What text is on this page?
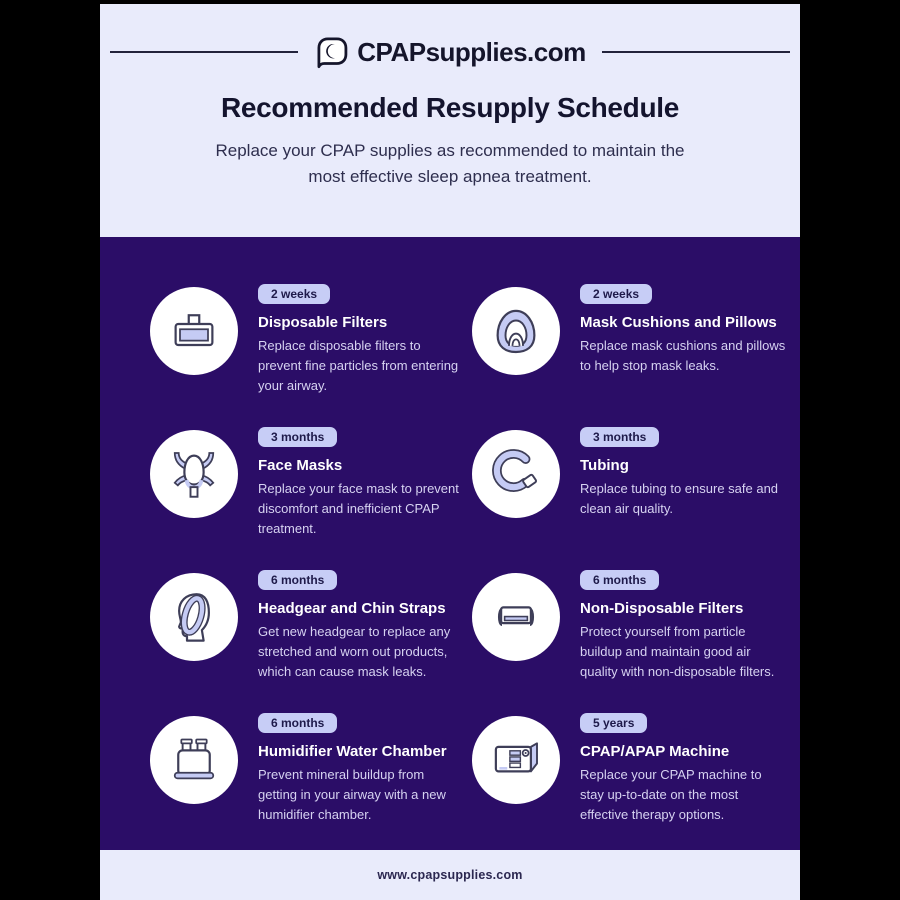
CPAPsupplies.com
Recommended Resupply Schedule
Replace your CPAP supplies as recommended to maintain the most effective sleep apnea treatment.
2 weeks
Disposable Filters
Replace disposable filters to prevent fine particles from entering your airway.
2 weeks
Mask Cushions and Pillows
Replace mask cushions and pillows to help stop mask leaks.
3 months
Face Masks
Replace your face mask to prevent discomfort and inefficient CPAP treatment.
3 months
Tubing
Replace tubing to ensure safe and clean air quality.
6 months
Headgear and Chin Straps
Get new headgear to replace any stretched and worn out products, which can cause mask leaks.
6 months
Non-Disposable Filters
Protect yourself from particle buildup and maintain good air quality with non-disposable filters.
6 months
Humidifier Water Chamber
Prevent mineral buildup from getting in your airway with a new humidifier chamber.
5 years
CPAP/APAP Machine
Replace your CPAP machine to stay up-to-date on the most effective therapy options.
www.cpapsupplies.com
